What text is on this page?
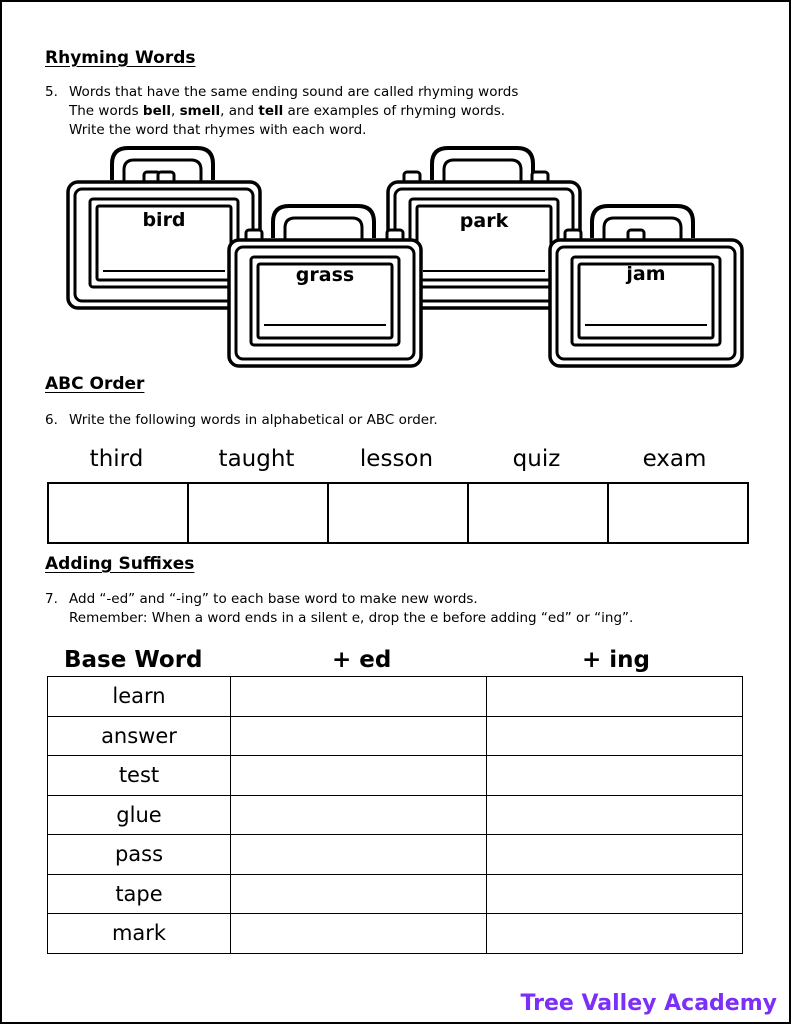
Rhyming Words
5. Words that have the same ending sound are called rhyming words
The words bell, smell, and tell are examples of rhyming words.
Write the word that rhymes with each word.
bird
grass
park
jam
ABC Order
6. Write the following words in alphabetical or ABC order.
third	taught	lesson	quiz	exam

Adding Suffixes
7. Add “-ed” and “-ing” to each base word to make new words.
Remember: When a word ends in a silent e, drop the e before adding “ed” or “ing”.
Base Word	+ ed	+ ing
learn		
answer		
test		
glue		
pass		
tape		
mark		
Tree Valley Academy
